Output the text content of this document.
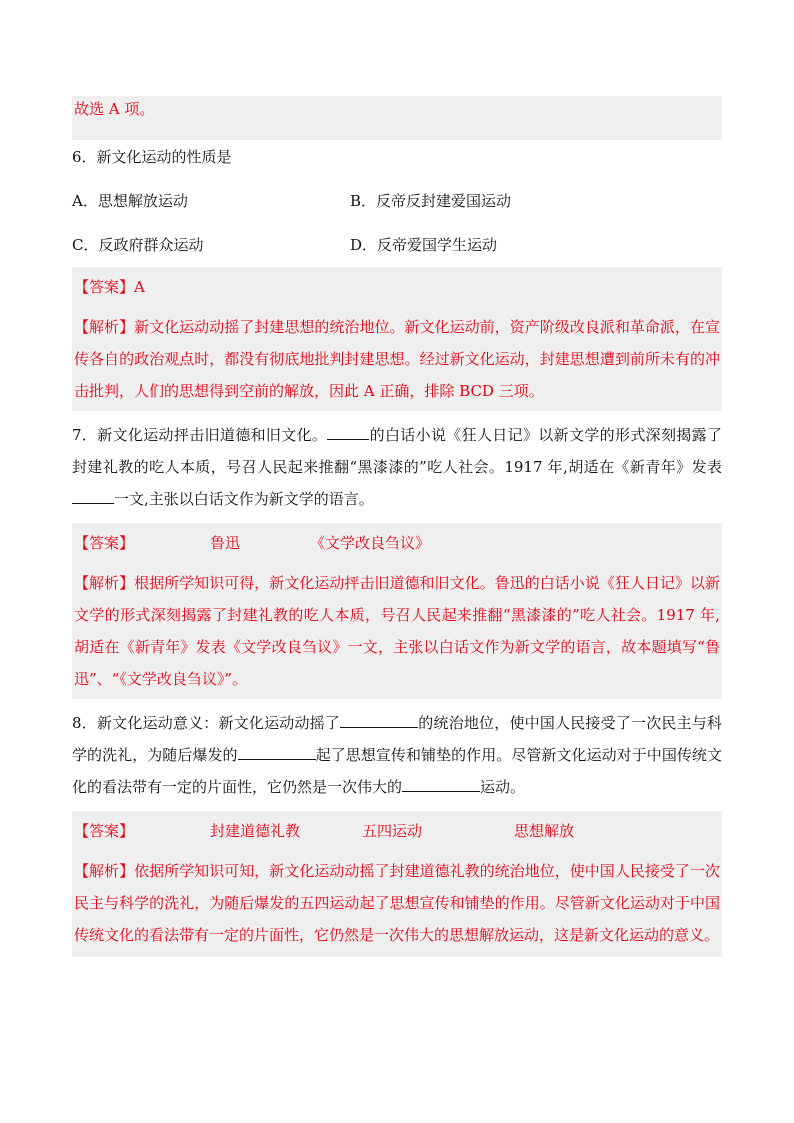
故选 A 项。
6．新文化运动的性质是
A．思想解放运动	B．反帝反封建爱国运动
C．反政府群众运动	D．反帝爱国学生运动
【答案】A
【解析】新文化运动动摇了封建思想的统治地位。新文化运动前，资产阶级改良派和革命派，在宣传各自的政治观点时，都没有彻底地批判封建思想。经过新文化运动，封建思想遭到前所未有的冲击批判，人们的思想得到空前的解放，因此 A 正确，排除 BCD 三项。
7．新文化运动抨击旧道德和旧文化。	的白话小说《狂人日记》以新文学的形式深刻揭露了封建礼教的吃人本质，号召人民起来推翻“黑漆漆的”吃人社会。1917 年,胡适在《新青年》发表一文,主张以白话文作为新文学的语言。
【答案】	鲁迅	《文学改良刍议》
【解析】根据所学知识可得，新文化运动抨击旧道德和旧文化。鲁迅的白话小说《狂人日记》以新文学的形式深刻揭露了封建礼教的吃人本质，号召人民起来推翻“黑漆漆的”吃人社会。1917 年,胡适在《新青年》发表《文学改良刍议》一文，主张以白话文作为新文学的语言，故本题填写“鲁迅”、“《文学改良刍议》”。
8．新文化运动意义：新文化运动动摇了	的统治地位，使中国人民接受了一次民主与科学的洗礼，为随后爆发的	起了思想宣传和铺垫的作用。尽管新文化运动对于中国传统文化的看法带有一定的片面性，它仍然是一次伟大的	运动。
【答案】	封建道德礼教	五四运动	思想解放
【解析】依据所学知识可知，新文化运动动摇了封建道德礼教的统治地位，使中国人民接受了一次民主与科学的洗礼，为随后爆发的五四运动起了思想宣传和铺垫的作用。尽管新文化运动对于中国传统文化的看法带有一定的片面性，它仍然是一次伟大的思想解放运动，这是新文化运动的意义。
